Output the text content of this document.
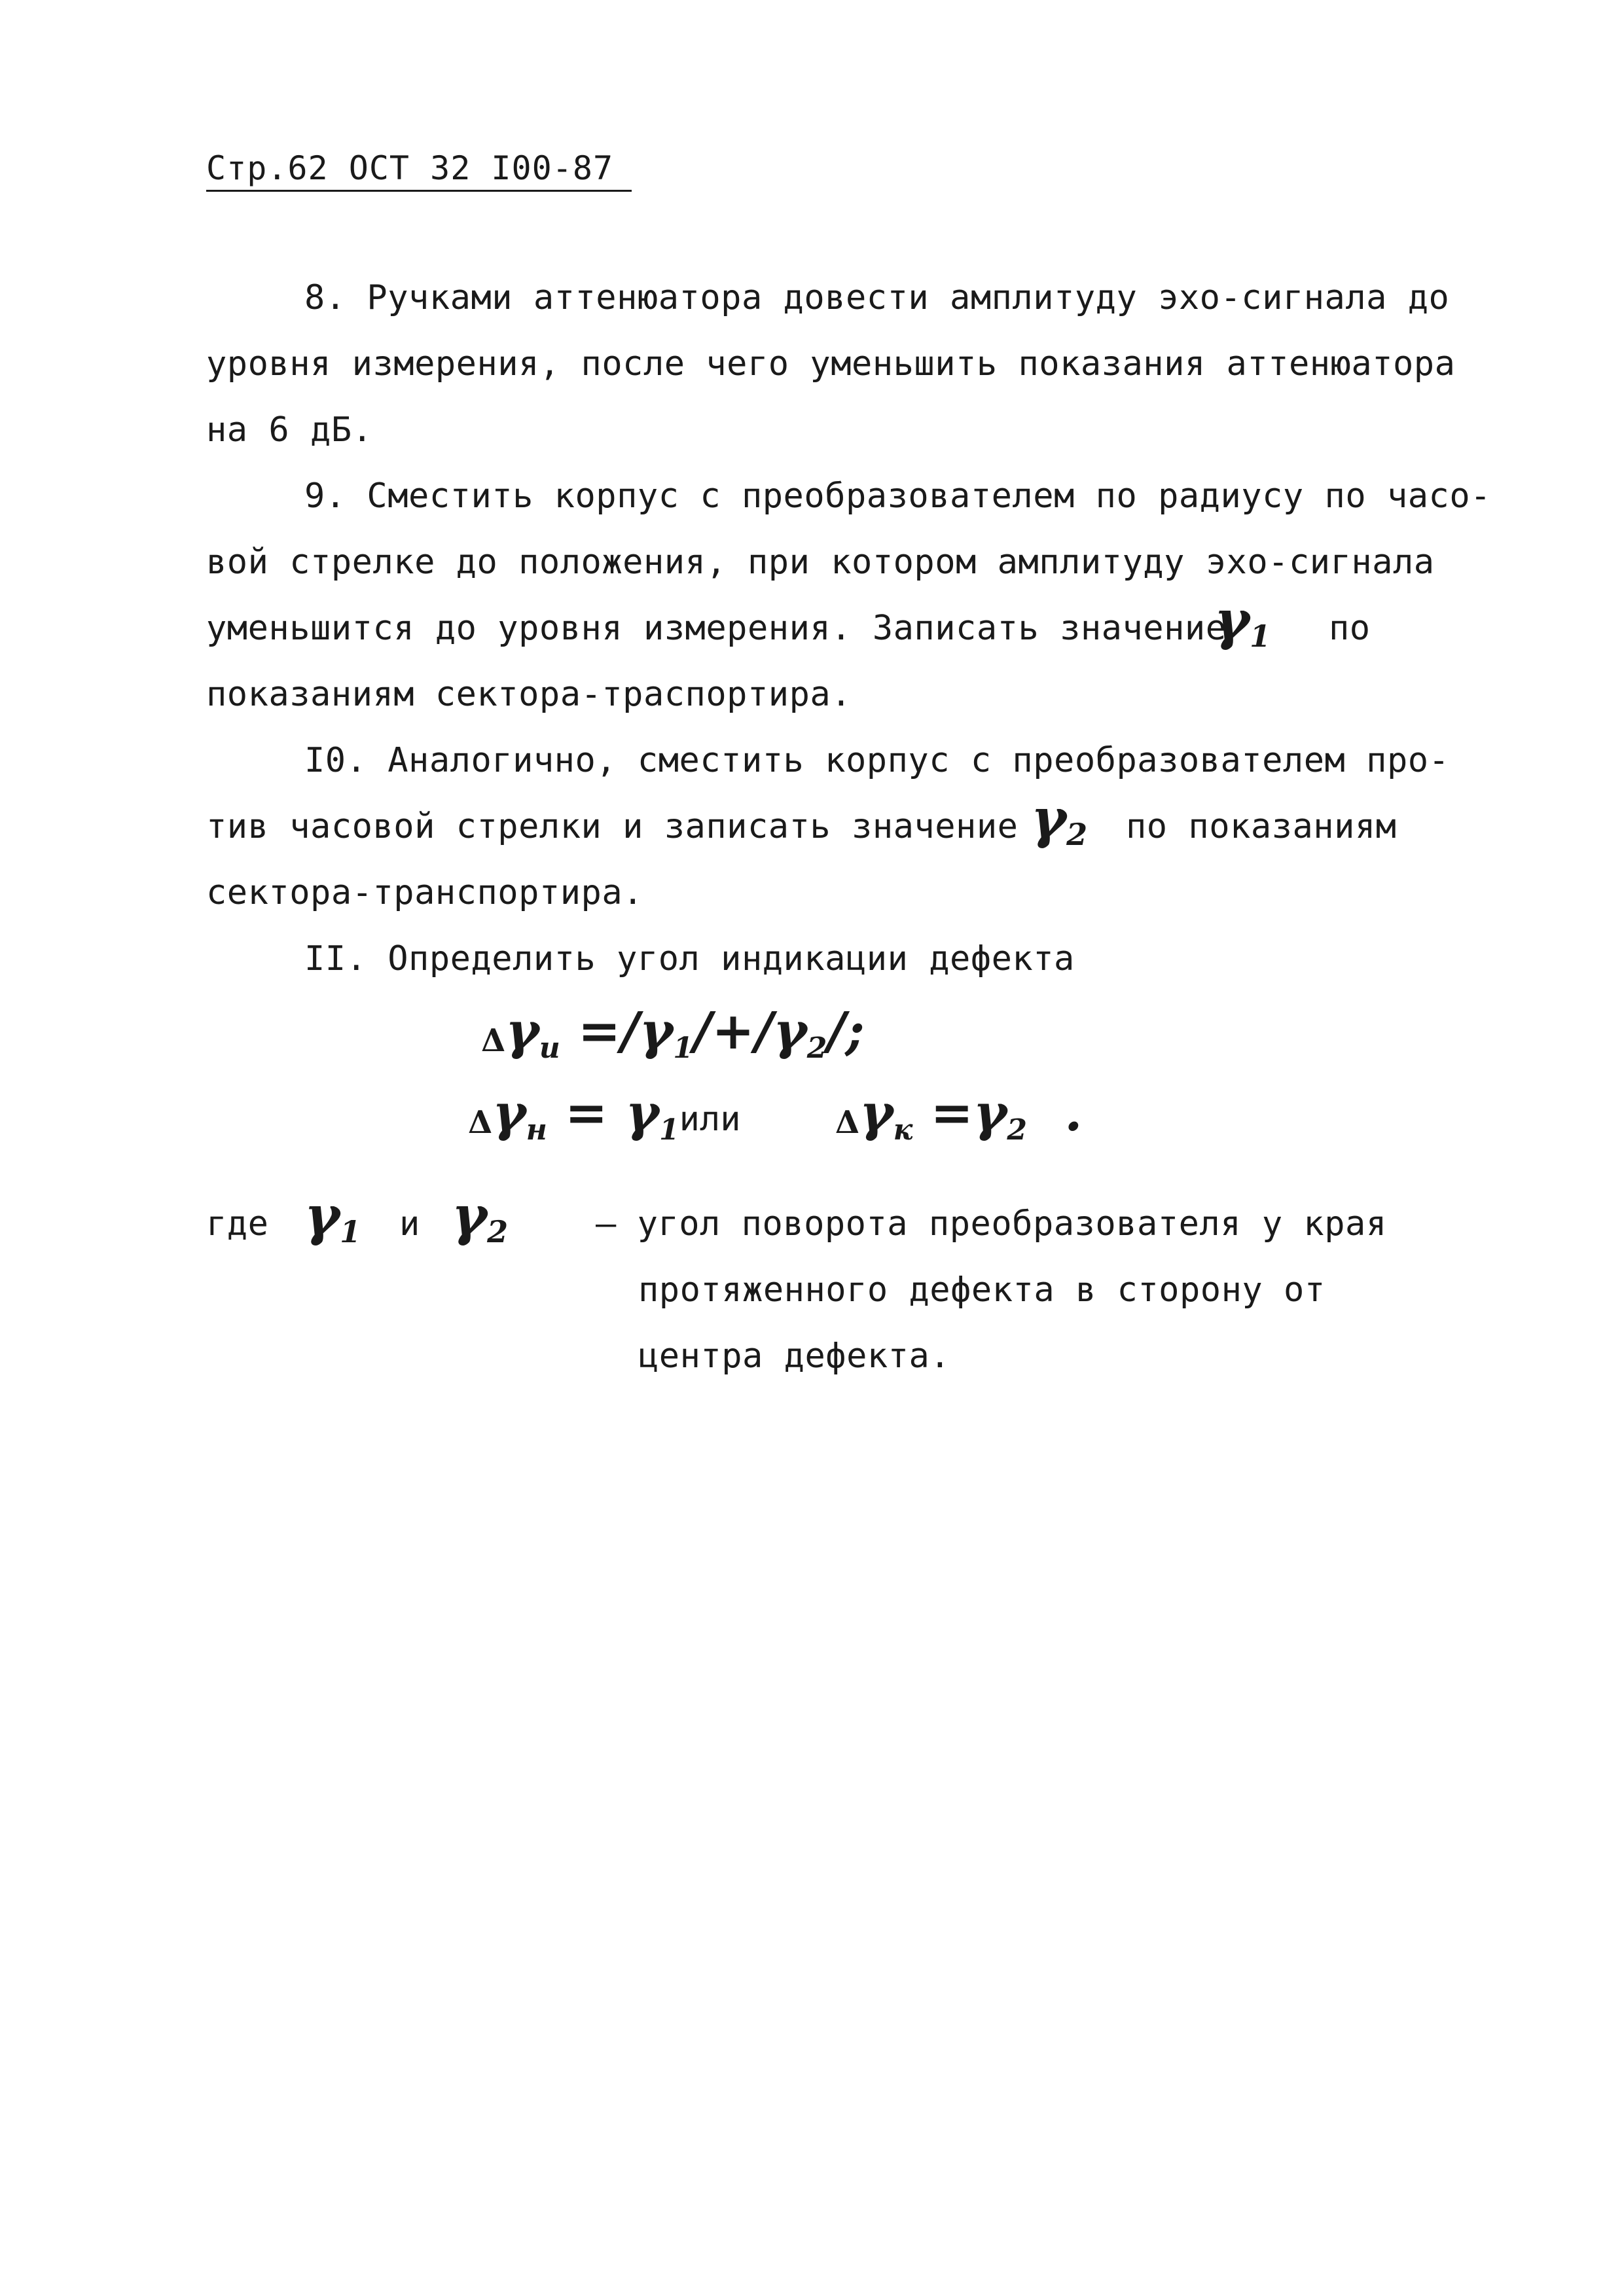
Стр.62 ОСТ 32 I00-87
8. Ручками аттенюатора довести амплитуду эхо-сигнала до
уровня измерения, после чего уменьшить показания аттенюатора
на 6 дБ.
9. Сместить корпус с преобразователем по радиусу по часо-
вой стрелке до положения, при котором амплитуду эхо-сигнала
уменьшится до уровня измерения. Записать значение
$\gamma_1$ по
показаниям сектора-траспортира.
I0. Аналогично, сместить корпус с преобразователем про-
тив часовой стрелки и записать значение $\gamma_2$ по показаниям
сектора-транспортира.
II. Определить угол индикации дефекта
Δγи =/γ1/+/γ2/;
Δγн = γ1или	Δγк =γ2 .
где $\gamma_1$ и $\gamma_2$	– угол поворота преобразователя у края
протяженного дефекта в сторону от
центра дефекта.
